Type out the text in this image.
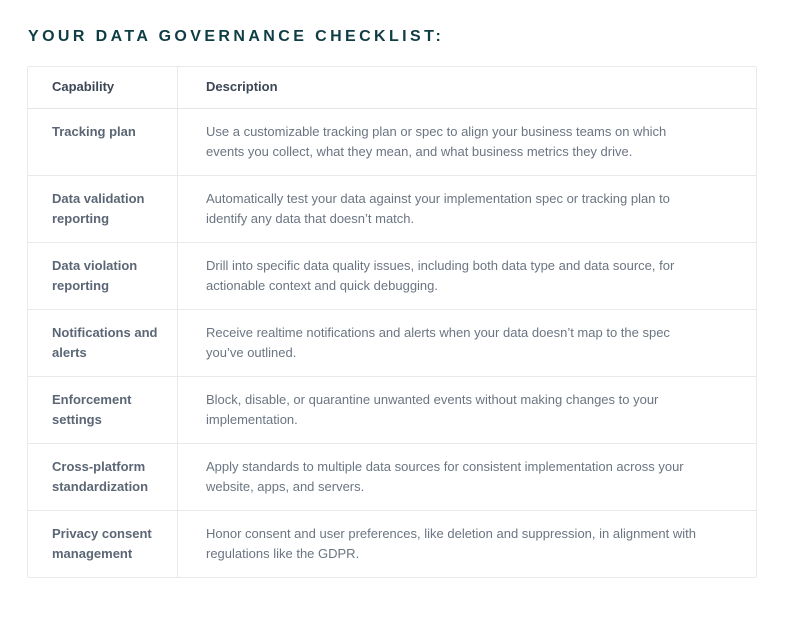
YOUR DATA GOVERNANCE CHECKLIST:
Capability	Description
Tracking plan	Use a customizable tracking plan or spec to align your business teams on which events you collect, what they mean, and what business metrics they drive.
Data validation reporting
Automatically test your data against your implementation spec or tracking plan to identify any data that doesn’t match.
Data violation reporting
Drill into specific data quality issues, including both data type and data source, for actionable context and quick debugging.
Notifications and alerts
Receive realtime notifications and alerts when your data doesn’t map to the spec you’ve outlined.
Enforcement settings
Block, disable, or quarantine unwanted events without making changes to your implementation.
Cross-platform standardization
Apply standards to multiple data sources for consistent implementation across your website, apps, and servers.
Privacy consent management
Honor consent and user preferences, like deletion and suppression, in alignment with regulations like the GDPR.
